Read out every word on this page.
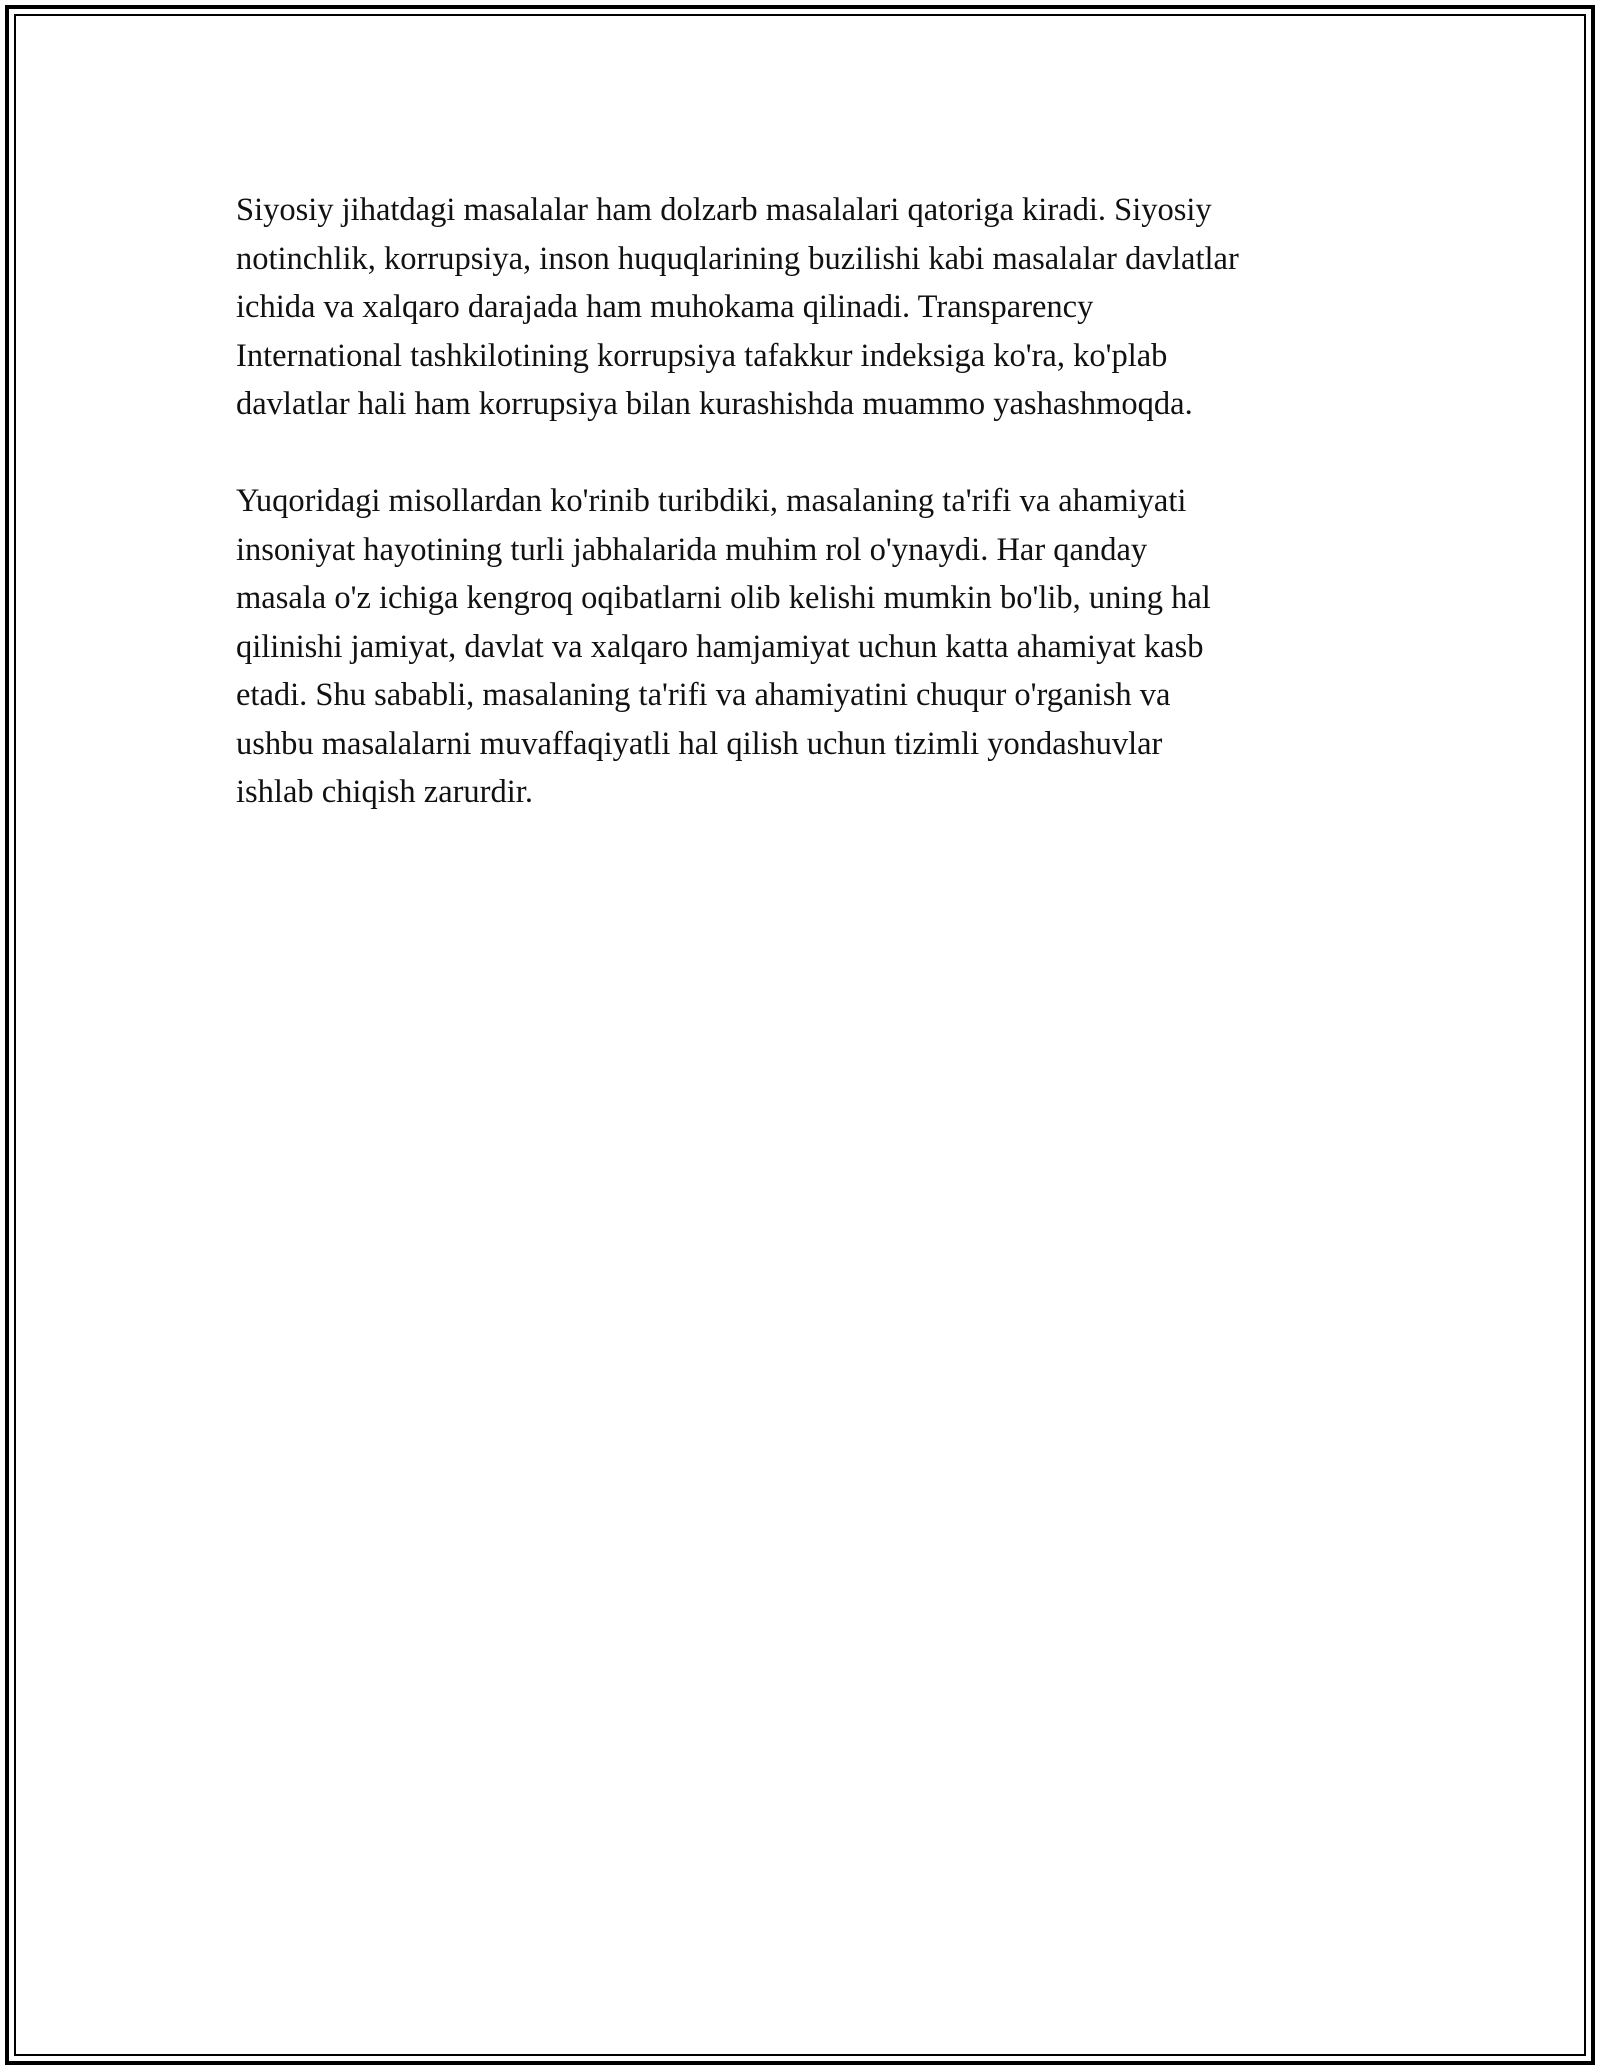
Siyosiy jihatdagi masalalar ham dolzarb masalalari qatoriga kiradi. Siyosiy
notinchlik, korrupsiya, inson huquqlarining buzilishi kabi masalalar davlatlar
ichida va xalqaro darajada ham muhokama qilinadi. Transparency
International tashkilotining korrupsiya tafakkur indeksiga ko'ra, ko'plab
davlatlar hali ham korrupsiya bilan kurashishda muammo yashashmoqda.

Yuqoridagi misollardan ko'rinib turibdiki, masalaning ta'rifi va ahamiyati
insoniyat hayotining turli jabhalarida muhim rol o'ynaydi. Har qanday
masala o'z ichiga kengroq oqibatlarni olib kelishi mumkin bo'lib, uning hal
qilinishi jamiyat, davlat va xalqaro hamjamiyat uchun katta ahamiyat kasb
etadi. Shu sababli, masalaning ta'rifi va ahamiyatini chuqur o'rganish va
ushbu masalalarni muvaffaqiyatli hal qilish uchun tizimli yondashuvlar
ishlab chiqish zarurdir.
